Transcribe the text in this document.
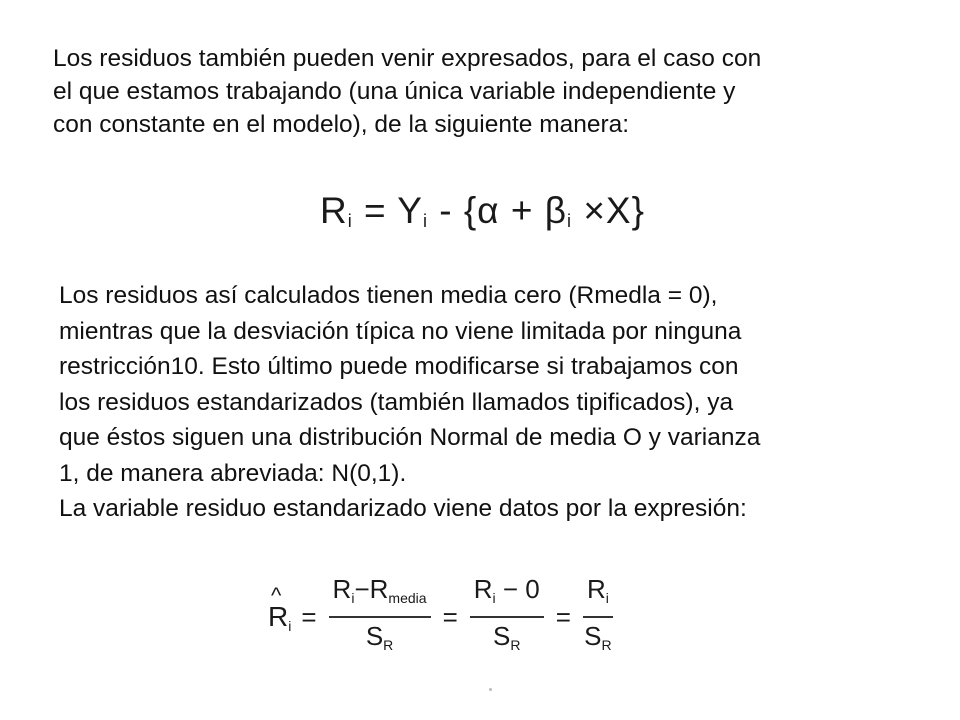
Los residuos también pueden venir expresados, para el caso con
el que estamos trabajando (una única variable independiente y
con constante en el modelo), de la siguiente manera:
$R_i = Y_i - \{\alpha + \beta_i \times X\}$
Los residuos así calculados tienen media cero (Rmedla = 0),
mientras que la desviación típica no viene limitada por ninguna
restricción10. Esto último puede modificarse si trabajamos con
los residuos estandarizados (también llamados tipificados), ya
que éstos siguen una distribución Normal de media O y varianza
1, de manera abreviada: N(0,1).
La variable residuo estandarizado viene datos por la expresión:
^ $R_i = \frac{R_i-R_{media}}{S_R} = \frac{R_i - 0}{S_R} = \frac{R_i}{S_R}$
